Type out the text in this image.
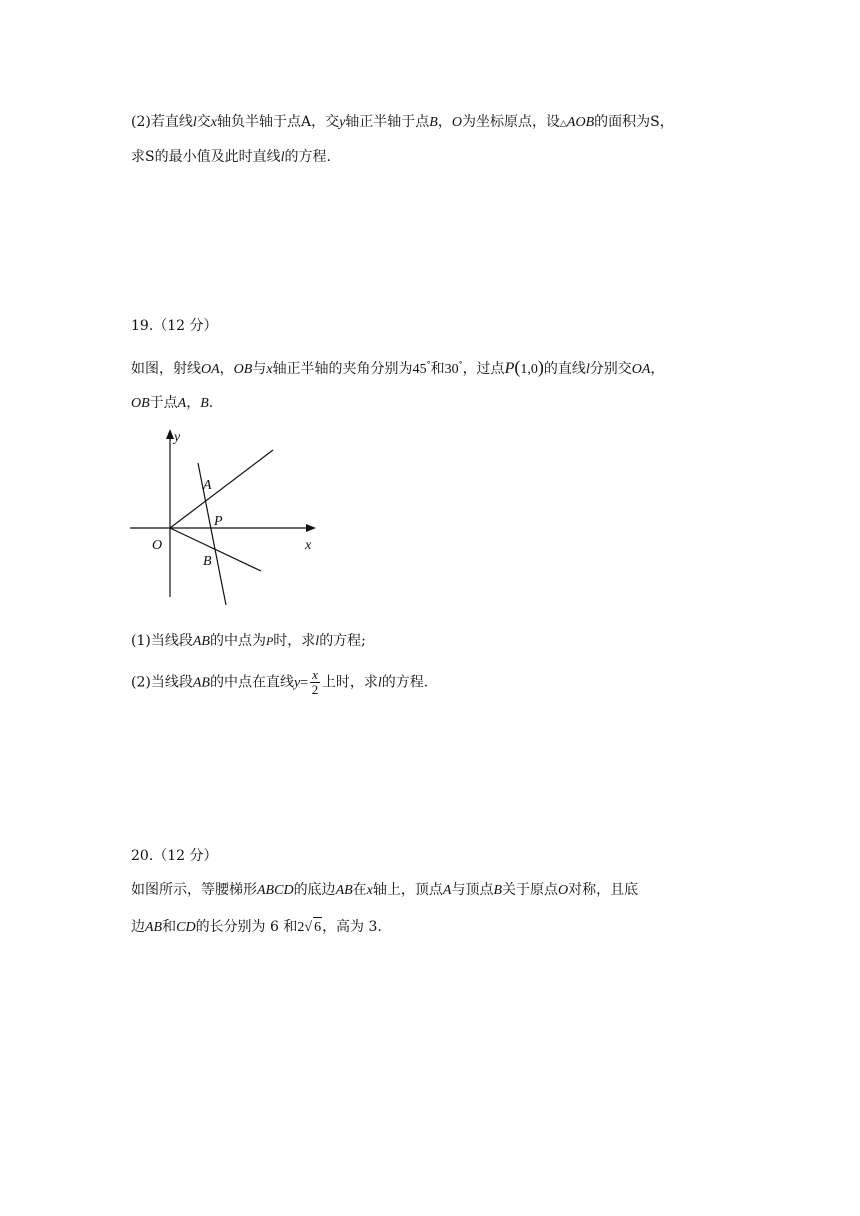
(2)若直线l交x轴负半轴于点A，交y轴正半轴于点B，O为坐标原点，设△AOB的面积为S，
求S的最小值及此时直线l的方程.
19.（12 分）
如图，射线OA，OB与x轴正半轴的夹角分别为45°和30°，过点P(1,0)的直线l分别交OA，
OB于点A，B.
y
x
O
A
P
B
(1)当线段AB的中点为P时，求l的方程;
(2)当线段AB的中点在直线$y= \frac{x}{2}$ 上时，求l的方程.
20.（12 分）
如图所示，等腰梯形ABCD的底边AB在x轴上，顶点A与顶点B关于原点O对称，且底
边AB和CD的长分别为 6 和2√ 6，高为 3.
